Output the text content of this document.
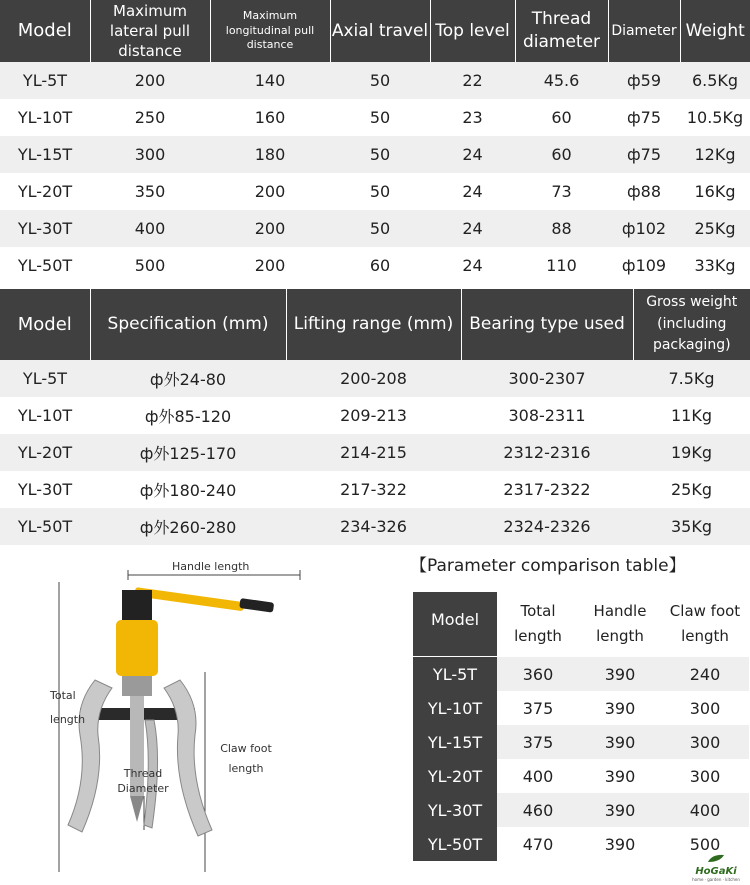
Model	Maximum lateral pull distance	Maximum longitudinal pull distance	Axial travel	Top level	Thread diameter	Diameter	Weight
YL-5T	200	140	50	22	45.6	ф59	6.5Kg
YL-10T	250	160	50	23	60	ф75	10.5Kg
YL-15T	300	180	50	24	60	ф75	12Kg
YL-20T	350	200	50	24	73	ф88	16Kg
YL-30T	400	200	50	24	88	ф102	25Kg
YL-50T	500	200	60	24	110	ф109	33Kg
Model	Specification (mm)	Lifting range (mm)	Bearing type used	Gross weight (including packaging)
YL-5T	ф外24-80	200-208	300-2307	7.5Kg
YL-10T	ф外85-120	209-213	308-2311	11Kg
YL-20T	ф外125-170	214-215	2312-2316	19Kg
YL-30T	ф外180-240	217-322	2317-2322	25Kg
YL-50T	ф外260-280	234-326	2324-2326	35Kg
Handle length
Total length
Thread Diameter
Claw foot length
【Parameter comparison table】
Model	Total length	Handle length	Claw foot length
YL-5T	360	390	240
YL-10T	375	390	300
YL-15T	375	390	300
YL-20T	400	390	300
YL-30T	460	390	400
YL-50T	470	390	500
HoGaKi
home · garden · kitchen
